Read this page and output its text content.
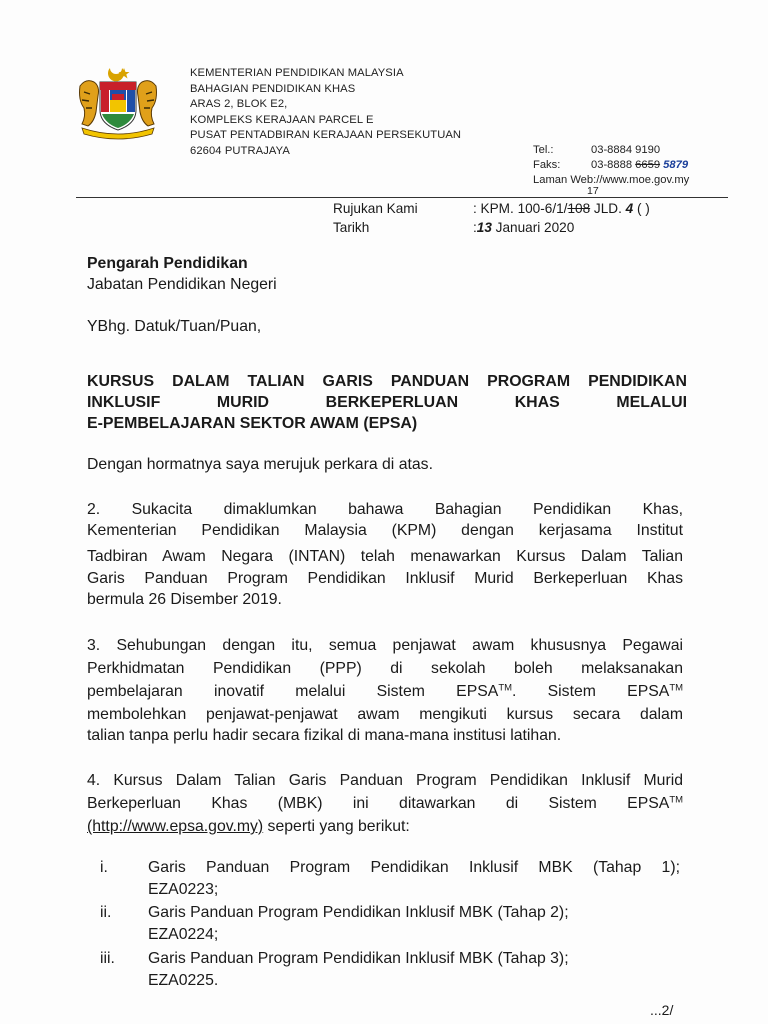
KEMENTERIAN PENDIDIKAN MALAYSIA
BAHAGIAN PENDIDIKAN KHAS
ARAS 2, BLOK E2,
KOMPLEKS KERAJAAN PARCEL E
PUSAT PENTADBIRAN KERAJAAN PERSEKUTUAN
62604 PUTRAJAYA	Tel.:	03-8884 9190
Faks:	03-8888 6659 5879
Laman Web://www.moe.gov.my
17
Rujukan Kami	: KPM. 100-6/1/108 JLD. 4 ( )
Tarikh	:13 Januari 2020
Pengarah Pendidikan
Jabatan Pendidikan Negeri
YBhg. Datuk/Tuan/Puan,
KURSUS DALAM TALIAN GARIS PANDUAN PROGRAM PENDIDIKAN
INKLUSIF MURID BERKEPERLUAN KHAS MELALUI
E-PEMBELAJARAN SEKTOR AWAM (EPSA)
Dengan hormatnya saya merujuk perkara di atas.
2. Sukacita dimaklumkan bahawa Bahagian Pendidikan Khas,
Kementerian Pendidikan Malaysia (KPM) dengan kerjasama Institut
Tadbiran Awam Negara (INTAN) telah menawarkan Kursus Dalam Talian
Garis Panduan Program Pendidikan Inklusif Murid Berkeperluan Khas
bermula 26 Disember 2019.
3. Sehubungan dengan itu, semua penjawat awam khususnya Pegawai
Perkhidmatan Pendidikan (PPP) di sekolah boleh melaksanakan
pembelajaran inovatif melalui Sistem EPSA™. Sistem EPSA™
membolehkan penjawat-penjawat awam mengikuti kursus secara dalam
talian tanpa perlu hadir secara fizikal di mana-mana institusi latihan.
4. Kursus Dalam Talian Garis Panduan Program Pendidikan Inklusif Murid
Berkeperluan Khas (MBK) ini ditawarkan di Sistem EPSA™
(http://www.epsa.gov.my) seperti yang berikut:
i.	Garis Panduan Program Pendidikan Inklusif MBK (Tahap 1);
EZA0223;
ii. Garis Panduan Program Pendidikan Inklusif MBK (Tahap 2);
EZA0224;
iii. Garis Panduan Program Pendidikan Inklusif MBK (Tahap 3);
EZA0225.
...2/
